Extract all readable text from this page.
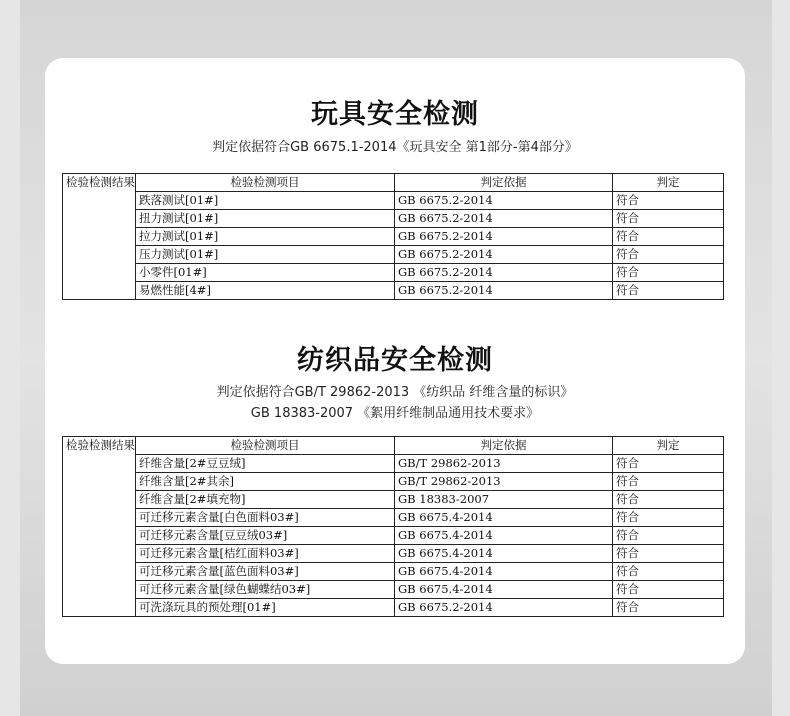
玩具安全检测
判定依据符合GB 6675.1-2014《玩具安全 第1部分-第4部分》
检验检测结果	检验检测项目	判定依据	判定
	跌落测试[01#]	GB 6675.2-2014	符合
	扭力测试[01#]	GB 6675.2-2014	符合
	拉力测试[01#]	GB 6675.2-2014	符合
	压力测试[01#]	GB 6675.2-2014	符合
	小零件[01#]	GB 6675.2-2014	符合
	易燃性能[4#]	GB 6675.2-2014	符合
纺织品安全检测
判定依据符合GB/T 29862-2013 《纺织品 纤维含量的标识》
GB 18383-2007 《絮用纤维制品通用技术要求》
检验检测结果	检验检测项目	判定依据	判定
	纤维含量[2#豆豆绒]	GB/T 29862-2013	符合
	纤维含量[2#其余]	GB/T 29862-2013	符合
	纤维含量[2#填充物]	GB 18383-2007	符合
	可迁移元素含量[白色面料03#]	GB 6675.4-2014	符合
	可迁移元素含量[豆豆绒03#]	GB 6675.4-2014	符合
	可迁移元素含量[桔红面料03#]	GB 6675.4-2014	符合
	可迁移元素含量[蓝色面料03#]	GB 6675.4-2014	符合
	可迁移元素含量[绿色蝴蝶结03#]	GB 6675.4-2014	符合
	可洗涤玩具的预处理[01#]	GB 6675.2-2014	符合
